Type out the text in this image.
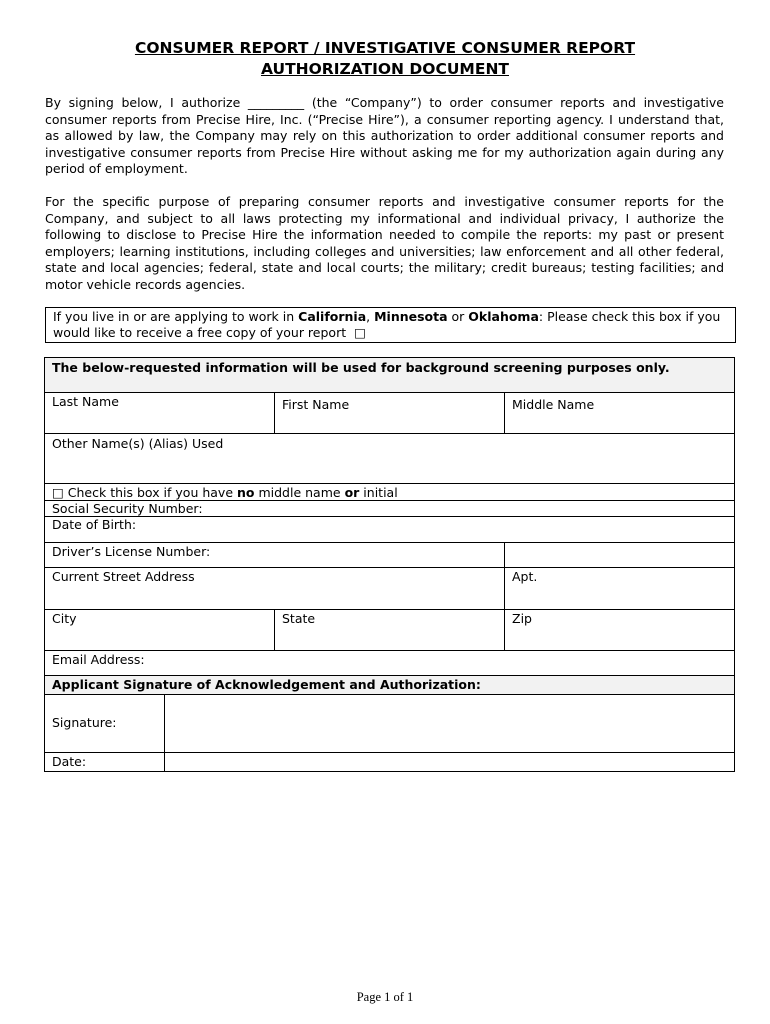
CONSUMER REPORT / INVESTIGATIVE CONSUMER REPORT
AUTHORIZATION DOCUMENT

By signing below, I authorize _________ (the “Company”) to order consumer reports and investigative consumer reports from Precise Hire, Inc. (“Precise Hire”), a consumer reporting agency. I understand that, as allowed by law, the Company may rely on this authorization to order additional consumer reports and investigative consumer reports from Precise Hire without asking me for my authorization again during any period of employment.

For the specific purpose of preparing consumer reports and investigative consumer reports for the Company, and subject to all laws protecting my informational and individual privacy, I authorize the following to disclose to Precise Hire the information needed to compile the reports: my past or present employers; learning institutions, including colleges and universities; law enforcement and all other federal, state and local agencies; federal, state and local courts; the military; credit bureaus; testing facilities; and motor vehicle records agencies.

If you live in or are applying to work in California, Minnesota or Oklahoma: Please check this box if you would like to receive a free copy of your report □
The below-requested information will be used for background screening purposes only.
Last Name	First Name	Middle Name
Other Name(s) (Alias) Used
□ Check this box if you have no middle name or initial
Social Security Number:
Date of Birth:
Driver’s License Number:
Current Street Address	Apt.
City	State	Zip
Email Address:
Applicant Signature of Acknowledgement and Authorization:
Signature:
Date:
Page 1 of 1
